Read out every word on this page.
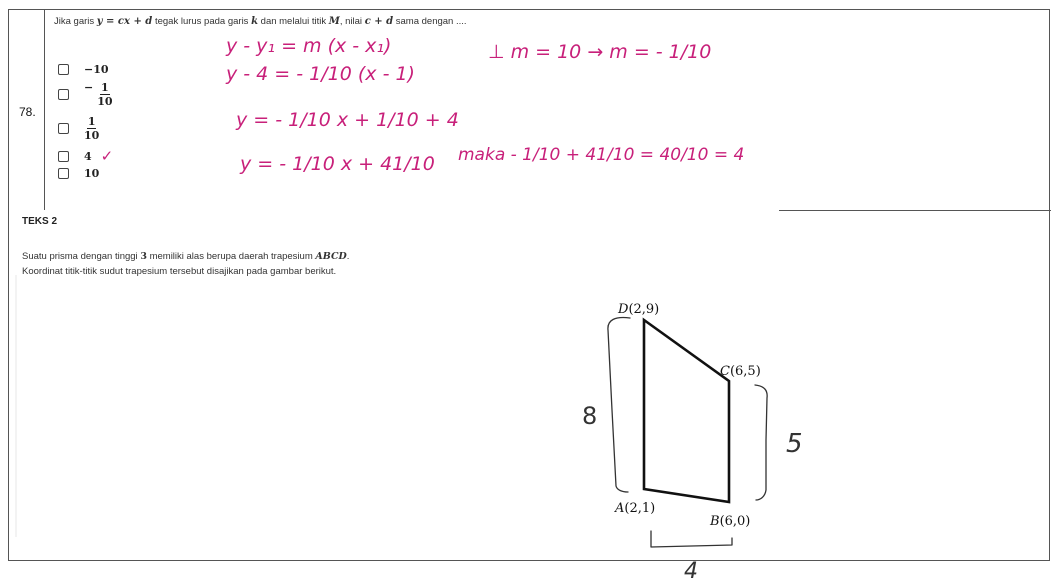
78.
Jika garis y = cx + d tegak lurus pada garis k dan melalui titik M, nilai c + d sama dengan ....
−10
− $\frac{1}{10}$
$\frac{1}{10}$
4 ✓
10
TEKS 2
Suatu prisma dengan tinggi 3 memiliki alas berupa daerah trapesium ABCD.
Koordinat titik-titik sudut trapesium tersebut disajikan pada gambar berikut.
y - y₁ = m (x - x₁)
y - 4 = - 1/10 (x - 1)
y = - 1/10 x + 1/10 + 4
y = - 1/10 x + 41/10
⊥ m = 10 → m = - 1/10
maka - 1/10 + 41/10 = 40/10 = 4
D(2,9)
C(6,5)
A(2,1)
B(6,0)
8
5
4
